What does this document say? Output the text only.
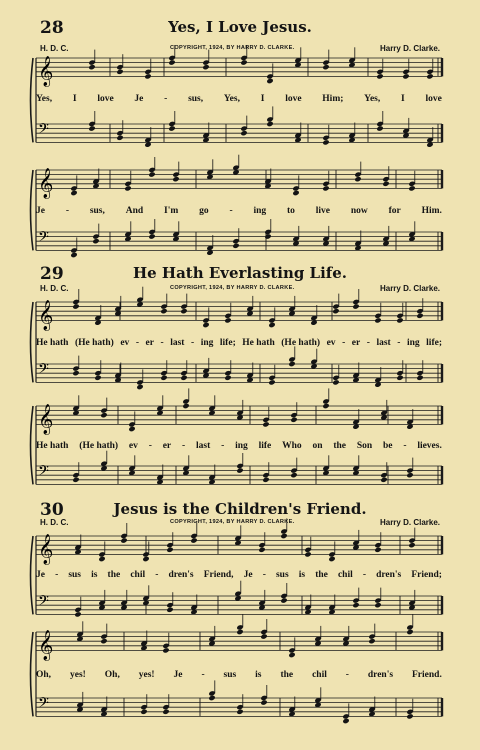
28	Yes, I Love Jesus.
H. D. C.	COPYRIGHT, 1924, BY HARRY D. CLARKE.	Harry D. Clarke.
Yes, I love Je - sus, Yes, I love Him; Yes, I love
Je - sus, And I'm go - ing to live now for Him.
29	He Hath Everlasting Life.
H. D. C.	COPYRIGHT, 1924, BY HARRY D. CLARKE.	Harry D. Clarke.
He hath (He hath) ev - er - last - ing life; He hath (He hath) ev - er - last - ing life;
He hath (He hath) ev - er - last - ing life Who on the Son be - lieves.
30	Jesus is the Children's Friend.
H. D. C.	COPYRIGHT, 1924, BY HARRY D. CLARKE.	Harry D. Clarke.
Je - sus is the chil - dren's Friend, Je - sus is the chil - dren's Friend;
Oh, yes! Oh, yes! Je - sus is the chil - dren's Friend.
𝄞
𝄢
𝄞
𝄢
𝄞
𝄢
𝄞
𝄢
𝄞
𝄢
𝄞
𝄢
